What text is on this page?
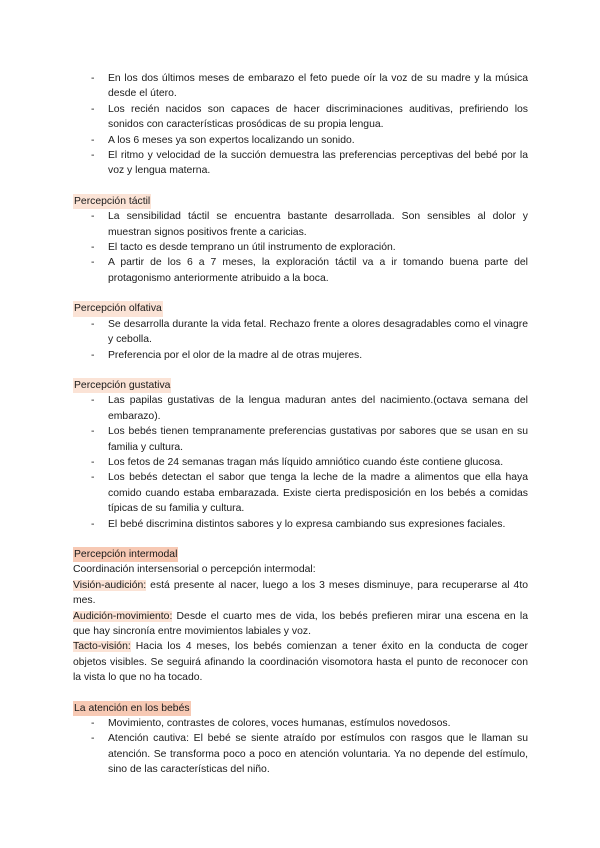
- En los dos últimos meses de embarazo el feto puede oír la voz de su madre y la música desde el útero.
- Los recién nacidos son capaces de hacer discriminaciones auditivas, prefiriendo los sonidos con características prosódicas de su propia lengua.
- A los 6 meses ya son expertos localizando un sonido.
- El ritmo y velocidad de la succión demuestra las preferencias perceptivas del bebé por la voz y lengua materna.
Percepción táctil
- La sensibilidad táctil se encuentra bastante desarrollada. Son sensibles al dolor y muestran signos positivos frente a caricias.
- El tacto es desde temprano un útil instrumento de exploración.
- A partir de los 6 a 7 meses, la exploración táctil va a ir tomando buena parte del protagonismo anteriormente atribuido a la boca.
Percepción olfativa
- Se desarrolla durante la vida fetal. Rechazo frente a olores desagradables como el vinagre y cebolla.
- Preferencia por el olor de la madre al de otras mujeres.
Percepción gustativa
- Las papilas gustativas de la lengua maduran antes del nacimiento.(octava semana del embarazo).
- Los bebés tienen tempranamente preferencias gustativas por sabores que se usan en su familia y cultura.
- Los fetos de 24 semanas tragan más líquido amniótico cuando éste contiene glucosa.
- Los bebés detectan el sabor que tenga la leche de la madre a alimentos que ella haya comido cuando estaba embarazada. Existe cierta predisposición en los bebés a comidas típicas de su familia y cultura.
- El bebé discrimina distintos sabores y lo expresa cambiando sus expresiones faciales.
Percepción intermodal

Coordinación intersensorial o percepción intermodal:

Visión-audición: está presente al nacer, luego a los 3 meses disminuye, para recuperarse al 4to mes.

Audición-movimiento: Desde el cuarto mes de vida, los bebés prefieren mirar una escena en la que hay sincronía entre movimientos labiales y voz.

Tacto-visión: Hacia los 4 meses, los bebés comienzan a tener éxito en la conducta de coger objetos visibles. Se seguirá afinando la coordinación visomotora hasta el punto de reconocer con la vista lo que no ha tocado.

La atención en los bebés
- Movimiento, contrastes de colores, voces humanas, estímulos novedosos.
- Atención cautiva: El bebé se siente atraído por estímulos con rasgos que le llaman su atención. Se transforma poco a poco en atención voluntaria. Ya no depende del estímulo, sino de las características del niño.
